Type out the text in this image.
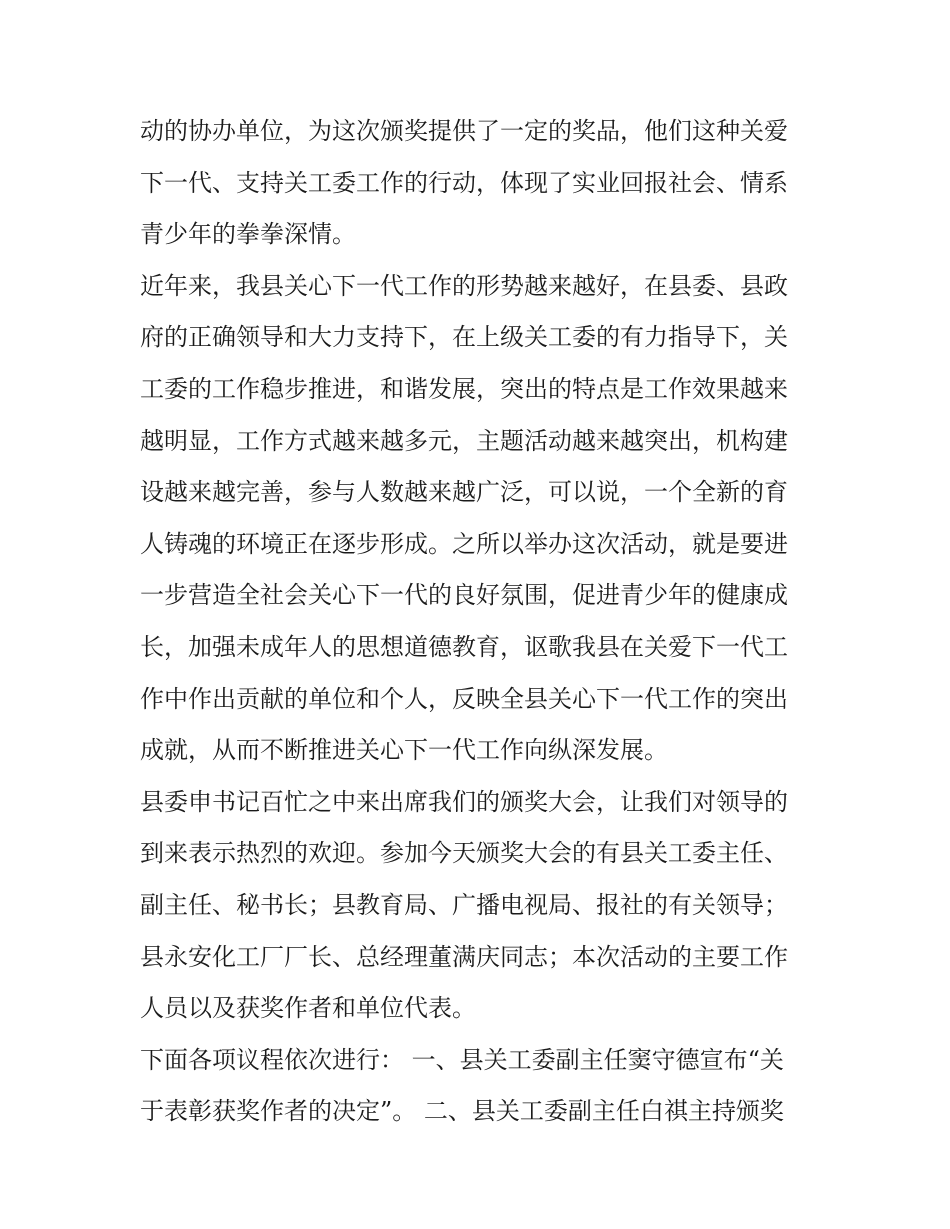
动的协办单位，为这次颁奖提供了一定的奖品，他们这种关爱
下一代、支持关工委工作的行动，体现了实业回报社会、情系
青少年的拳拳深情。
近年来，我县关心下一代工作的形势越来越好，在县委、县政
府的正确领导和大力支持下，在上级关工委的有力指导下，关
工委的工作稳步推进，和谐发展，突出的特点是工作效果越来
越明显，工作方式越来越多元，主题活动越来越突出，机构建
设越来越完善，参与人数越来越广泛，可以说，一个全新的育
人铸魂的环境正在逐步形成。之所以举办这次活动，就是要进
一步营造全社会关心下一代的良好氛围，促进青少年的健康成
长，加强未成年人的思想道德教育，讴歌我县在关爱下一代工
作中作出贡献的单位和个人，反映全县关心下一代工作的突出
成就，从而不断推进关心下一代工作向纵深发展。
县委申书记百忙之中来出席我们的颁奖大会，让我们对领导的
到来表示热烈的欢迎。参加今天颁奖大会的有县关工委主任、
副主任、秘书长；县教育局、广播电视局、报社的有关领导；
县永安化工厂厂长、总经理董满庆同志；本次活动的主要工作
人员以及获奖作者和单位代表。
下面各项议程依次进行： 一、县关工委副主任窦守德宣布“关
于表彰获奖作者的决定”。 二、县关工委副主任白祺主持颁奖
